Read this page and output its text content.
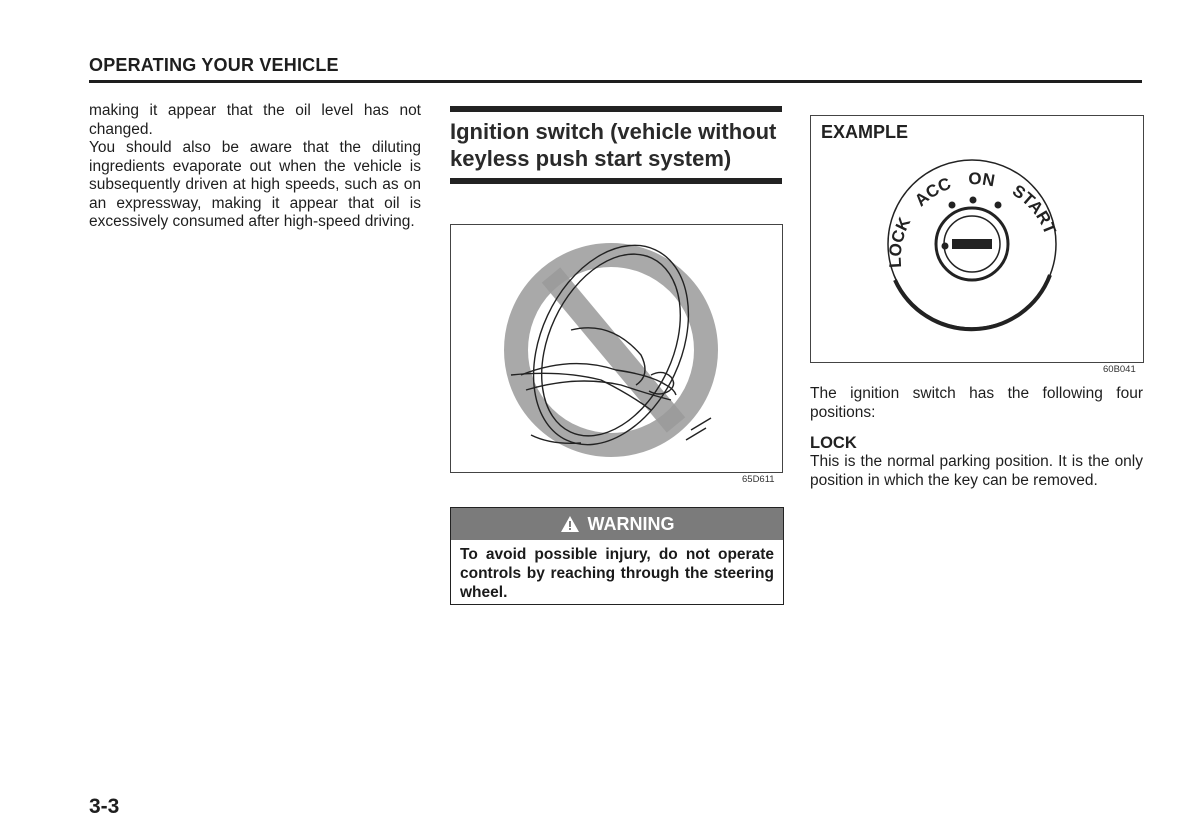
OPERATING YOUR VEHICLE

making it appear that the oil level has not changed.

You should also be aware that the diluting ingredients evaporate out when the vehicle is subsequently driven at high speeds, such as on an expressway, making it appear that oil is excessively consumed after high-speed driving.

Ignition switch (vehicle without keyless push start system)
65D611
WARNING
To avoid possible injury, do not operate controls by reaching through the steering wheel.
EXAMPLE
LOCK
ACC ON
START
60B041

The ignition switch has the following four positions:

LOCK

This is the normal parking position. It is the only position in which the key can be removed.

3-3
